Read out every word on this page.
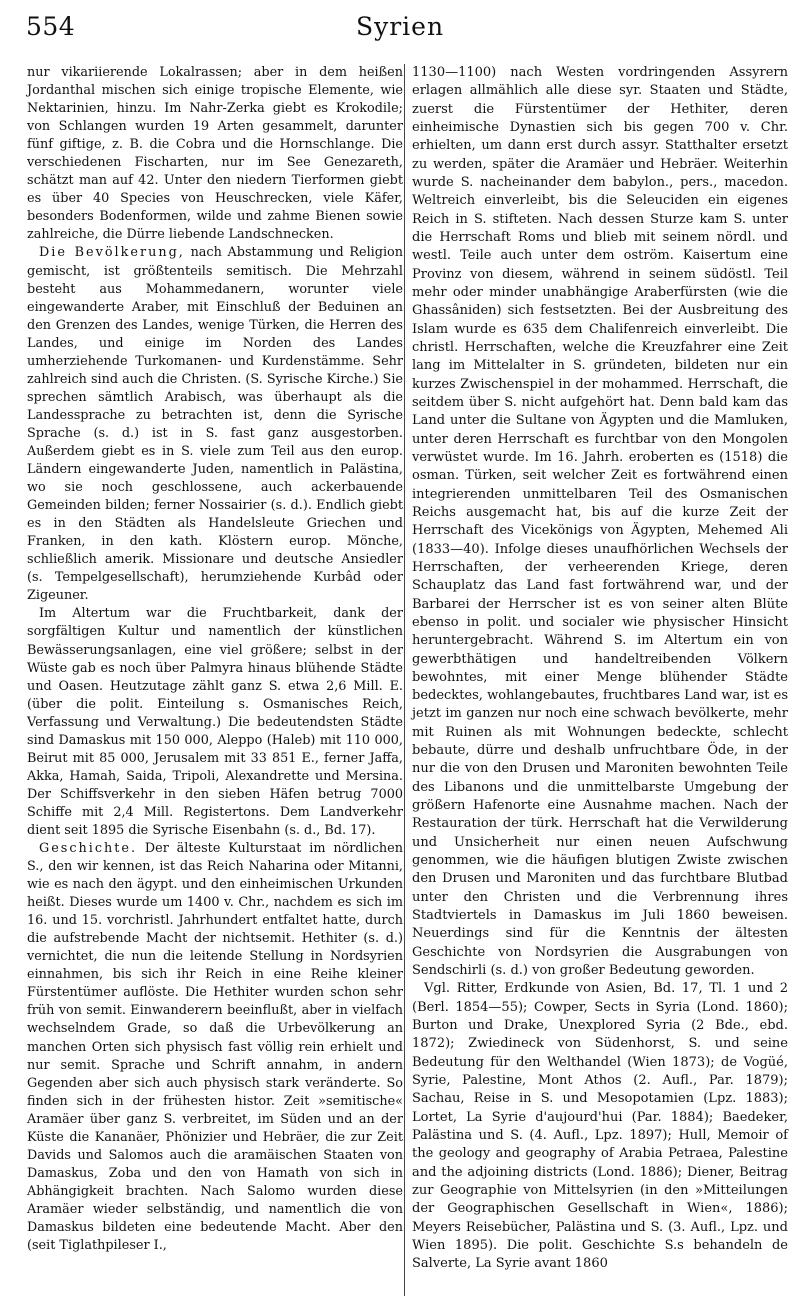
554	Syrien

nur vikariierende Lokalrassen; aber in dem heißen Jordanthal mischen sich einige tropische Elemente, wie Nektarinien, hinzu. Im Nahr-Zerka giebt es Krokodile; von Schlangen wurden 19 Arten gesammelt, darunter fünf giftige, z. B. die Cobra und die Hornschlange. Die verschiedenen Fischarten, nur im See Genezareth, schätzt man auf 42. Unter den niedern Tierformen giebt es über 40 Species von Heuschrecken, viele Käfer, besonders Bodenformen, wilde und zahme Bienen sowie zahlreiche, die Dürre liebende Landschnecken.

Die Bevölkerung, nach Abstammung und Religion gemischt, ist größtenteils semitisch. Die Mehrzahl besteht aus Mohammedanern, worunter viele eingewanderte Araber, mit Einschluß der Beduinen an den Grenzen des Landes, wenige Türken, die Herren des Landes, und einige im Norden des Landes umherziehende Turkomanen- und Kurdenstämme. Sehr zahlreich sind auch die Christen. (S. Syrische Kirche.) Sie sprechen sämtlich Arabisch, was überhaupt als die Landessprache zu betrachten ist, denn die Syrische Sprache (s. d.) ist in S. fast ganz ausgestorben. Außerdem giebt es in S. viele zum Teil aus den europ. Ländern eingewanderte Juden, namentlich in Palästina, wo sie noch geschlossene, auch ackerbauende Gemeinden bilden; ferner Nossairier (s. d.). Endlich giebt es in den Städten als Handelsleute Griechen und Franken, in den kath. Klöstern europ. Mönche, schließlich amerik. Missionare und deutsche Ansiedler (s. Tempelgesellschaft), herumziehende Kurbâd oder Zigeuner.

Im Altertum war die Fruchtbarkeit, dank der sorgfältigen Kultur und namentlich der künstlichen Bewässerungsanlagen, eine viel größere; selbst in der Wüste gab es noch über Palmyra hinaus blühende Städte und Oasen. Heutzutage zählt ganz S. etwa 2,6 Mill. E. (über die polit. Einteilung s. Osmanisches Reich, Verfassung und Verwaltung.) Die bedeutendsten Städte sind Damaskus mit 150 000, Aleppo (Haleb) mit 110 000, Beirut mit 85 000, Jerusalem mit 33 851 E., ferner Jaffa, Akka, Hamah, Saida, Tripoli, Alexandrette und Mersina. Der Schiffsverkehr in den sieben Häfen betrug 7000 Schiffe mit 2,4 Mill. Registertons. Dem Landverkehr dient seit 1895 die Syrische Eisenbahn (s. d., Bd. 17).

Geschichte. Der älteste Kulturstaat im nördlichen S., den wir kennen, ist das Reich Naharina oder Mitanni, wie es nach den ägypt. und den einheimischen Urkunden heißt. Dieses wurde um 1400 v. Chr., nachdem es sich im 16. und 15. vorchristl. Jahrhundert entfaltet hatte, durch die aufstrebende Macht der nichtsemit. Hethiter (s. d.) vernichtet, die nun die leitende Stellung in Nordsyrien einnahmen, bis sich ihr Reich in eine Reihe kleiner Fürstentümer auflöste. Die Hethiter wurden schon sehr früh von semit. Einwanderern beeinflußt, aber in vielfach wechselndem Grade, so daß die Urbevölkerung an manchen Orten sich physisch fast völlig rein erhielt und nur semit. Sprache und Schrift annahm, in andern Gegenden aber sich auch physisch stark veränderte. So finden sich in der frühesten histor. Zeit »semitische« Aramäer über ganz S. verbreitet, im Süden und an der Küste die Kananäer, Phönizier und Hebräer, die zur Zeit Davids und Salomos auch die aramäischen Staaten von Damaskus, Zoba und den von Hamath von sich in Abhängigkeit brachten. Nach Salomo wurden diese Aramäer wieder selbständig, und namentlich die von Damaskus bildeten eine bedeutende Macht. Aber den (seit Tiglathpileser I.,

1130—1100) nach Westen vordringenden Assyrern erlagen allmählich alle diese syr. Staaten und Städte, zuerst die Fürstentümer der Hethiter, deren einheimische Dynastien sich bis gegen 700 v. Chr. erhielten, um dann erst durch assyr. Statthalter ersetzt zu werden, später die Aramäer und Hebräer. Weiterhin wurde S. nacheinander dem babylon., pers., macedon. Weltreich einverleibt, bis die Seleuciden ein eigenes Reich in S. stifteten. Nach dessen Sturze kam S. unter die Herrschaft Roms und blieb mit seinem nördl. und westl. Teile auch unter dem oström. Kaisertum eine Provinz von diesem, während in seinem südöstl. Teil mehr oder minder unabhängige Araberfürsten (wie die Ghassâniden) sich festsetzten. Bei der Ausbreitung des Islam wurde es 635 dem Chalifenreich einverleibt. Die christl. Herrschaften, welche die Kreuzfahrer eine Zeit lang im Mittelalter in S. gründeten, bildeten nur ein kurzes Zwischenspiel in der mohammed. Herrschaft, die seitdem über S. nicht aufgehört hat. Denn bald kam das Land unter die Sultane von Ägypten und die Mamluken, unter deren Herrschaft es furchtbar von den Mongolen verwüstet wurde. Im 16. Jahrh. eroberten es (1518) die osman. Türken, seit welcher Zeit es fortwährend einen integrierenden unmittelbaren Teil des Osmanischen Reichs ausgemacht hat, bis auf die kurze Zeit der Herrschaft des Vicekönigs von Ägypten, Mehemed Ali (1833—40). Infolge dieses unaufhörlichen Wechsels der Herrschaften, der verheerenden Kriege, deren Schauplatz das Land fast fortwährend war, und der Barbarei der Herrscher ist es von seiner alten Blüte ebenso in polit. und socialer wie physischer Hinsicht heruntergebracht. Während S. im Altertum ein von gewerbthätigen und handeltreibenden Völkern bewohntes, mit einer Menge blühender Städte bedecktes, wohlangebautes, fruchtbares Land war, ist es jetzt im ganzen nur noch eine schwach bevölkerte, mehr mit Ruinen als mit Wohnungen bedeckte, schlecht bebaute, dürre und deshalb unfruchtbare Öde, in der nur die von den Drusen und Maroniten bewohnten Teile des Libanons und die unmittelbarste Umgebung der größern Hafenorte eine Ausnahme machen. Nach der Restauration der türk. Herrschaft hat die Verwilderung und Unsicherheit nur einen neuen Aufschwung genommen, wie die häufigen blutigen Zwiste zwischen den Drusen und Maroniten und das furchtbare Blutbad unter den Christen und die Verbrennung ihres Stadtviertels in Damaskus im Juli 1860 beweisen. Neuerdings sind für die Kenntnis der ältesten Geschichte von Nordsyrien die Ausgrabungen von Sendschirli (s. d.) von großer Bedeutung geworden.

Vgl. Ritter, Erdkunde von Asien, Bd. 17, Tl. 1 und 2 (Berl. 1854—55); Cowper, Sects in Syria (Lond. 1860); Burton und Drake, Unexplored Syria (2 Bde., ebd. 1872); Zwiedineck von Südenhorst, S. und seine Bedeutung für den Welthandel (Wien 1873); de Vogüé, Syrie, Palestine, Mont Athos (2. Aufl., Par. 1879); Sachau, Reise in S. und Mesopotamien (Lpz. 1883); Lortet, La Syrie d'aujourd'hui (Par. 1884); Baedeker, Palästina und S. (4. Aufl., Lpz. 1897); Hull, Memoir of the geology and geography of Arabia Petraea, Palestine and the adjoining districts (Lond. 1886); Diener, Beitrag zur Geographie von Mittelsyrien (in den »Mitteilungen der Geographischen Gesellschaft in Wien«, 1886); Meyers Reisebücher, Palästina und S. (3. Aufl., Lpz. und Wien 1895). Die polit. Geschichte S.s behandeln de Salverte, La Syrie avant 1860
